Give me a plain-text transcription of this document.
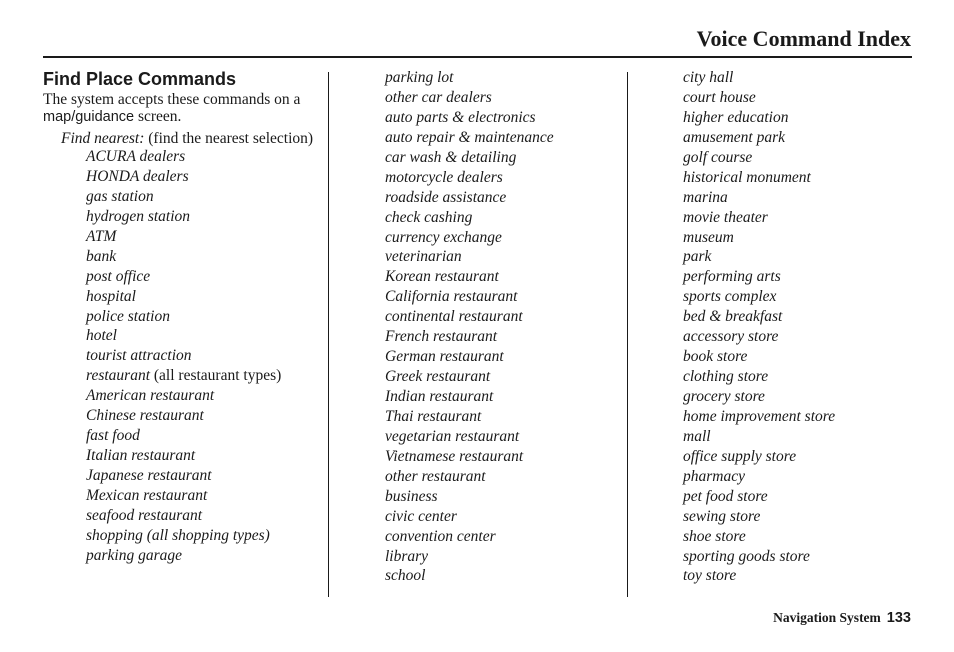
Voice Command Index
Find Place Commands

The system accepts these commands on a map/guidance screen.

Find nearest: (find the nearest selection)

ACURA dealers
HONDA dealers
gas station
hydrogen station
ATM
bank
post office
hospital
police station
hotel
tourist attraction
restaurant (all restaurant types)
American restaurant
Chinese restaurant
fast food
Italian restaurant
Japanese restaurant
Mexican restaurant
seafood restaurant
shopping (all shopping types)
parking garage
parking lot
other car dealers
auto parts & electronics
auto repair & maintenance
car wash & detailing
motorcycle dealers
roadside assistance
check cashing
currency exchange
veterinarian
Korean restaurant
California restaurant
continental restaurant
French restaurant
German restaurant
Greek restaurant
Indian restaurant
Thai restaurant
vegetarian restaurant
Vietnamese restaurant
other restaurant
business
civic center
convention center
library
school
city hall
court house
higher education
amusement park
golf course
historical monument
marina
movie theater
museum
park
performing arts
sports complex
bed & breakfast
accessory store
book store
clothing store
grocery store
home improvement store
mall
office supply store
pharmacy
pet food store
sewing store
shoe store
sporting goods store
toy store
Navigation System 133
